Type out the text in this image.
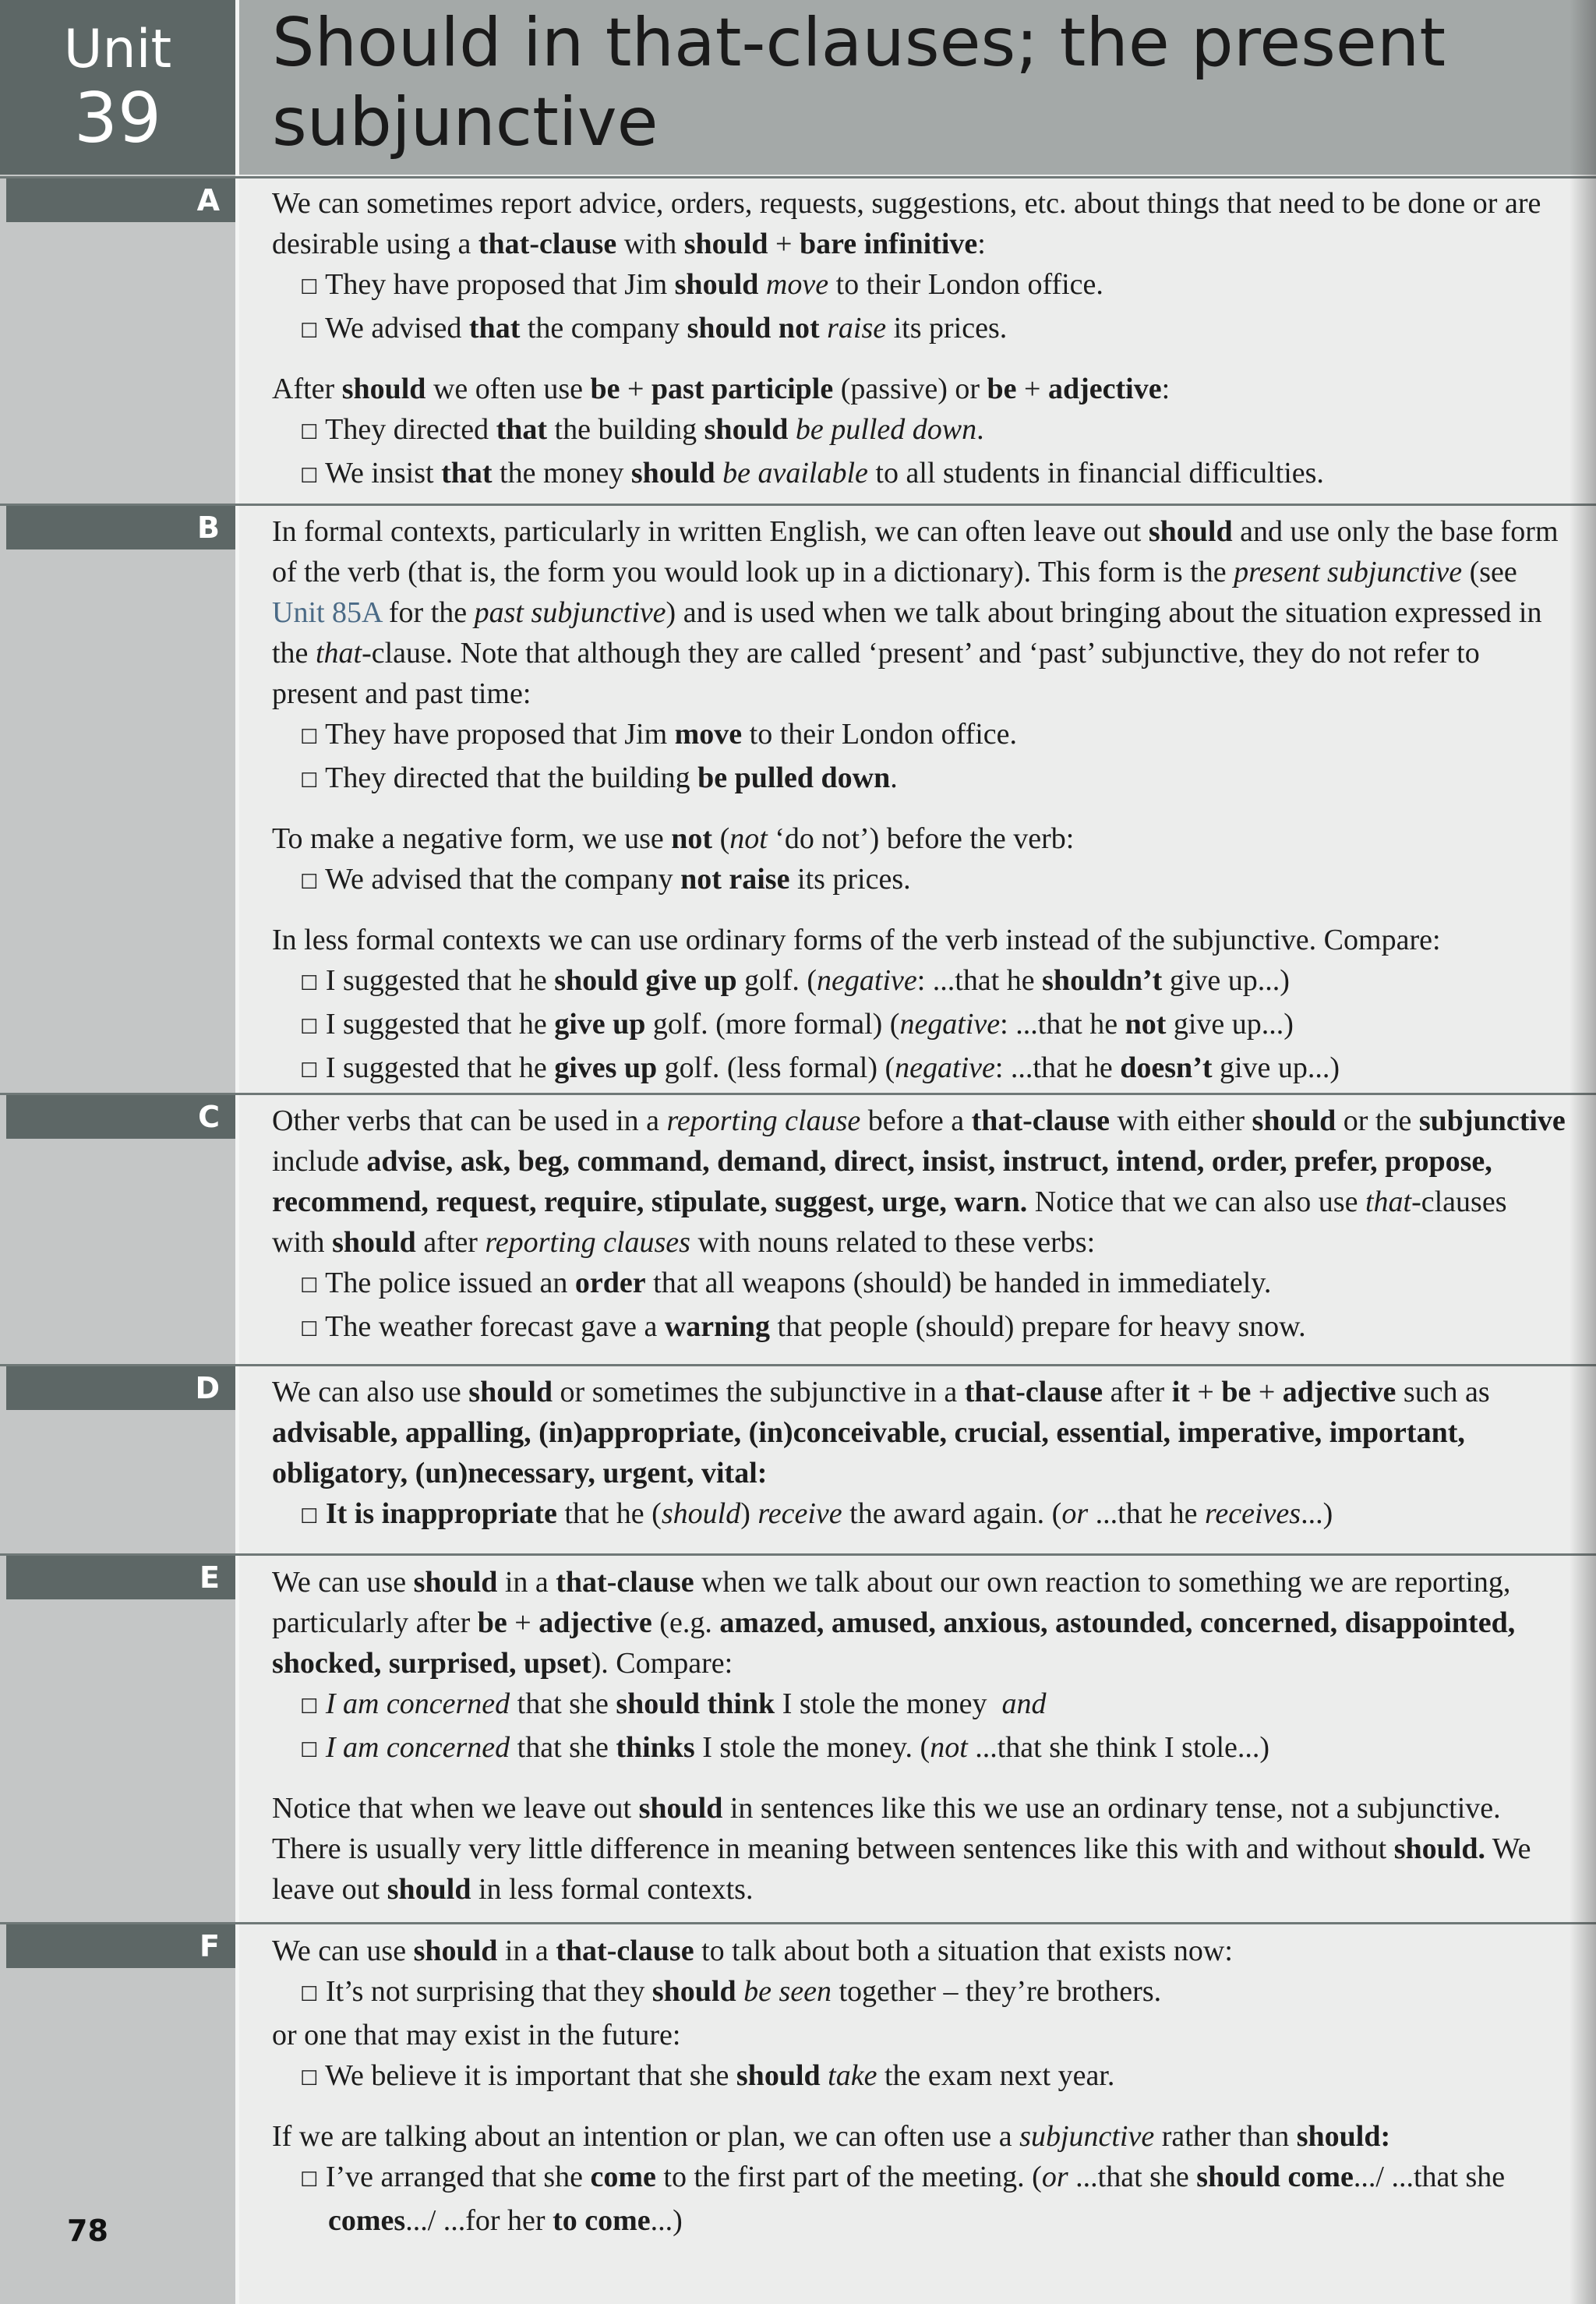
Unit
39
Should in that-clauses; the present subjunctive
A	We can sometimes report advice, orders, requests, suggestions, etc. about things that need to be done or are desirable using a that-clause with should + bare infinitive:

☐ They have proposed that Jim should move to their London office.

☐ We advised that the company should not raise its prices.

After should we often use be + past participle (passive) or be + adjective:

☐ They directed that the building should be pulled down.

☐ We insist that the money should be available to all students in financial difficulties.

B	In formal contexts, particularly in written English, we can often leave out should and use only the base form of the verb (that is, the form you would look up in a dictionary). This form is the present subjunctive (see Unit 85A for the past subjunctive) and is used when we talk about bringing about the situation expressed in the that-clause. Note that although they are called ‘present’ and ‘past’ subjunctive, they do not refer to present and past time:

☐ They have proposed that Jim move to their London office.

☐ They directed that the building be pulled down.

To make a negative form, we use not (not ‘do not’) before the verb:

☐ We advised that the company not raise its prices.

In less formal contexts we can use ordinary forms of the verb instead of the subjunctive. Compare:

☐ I suggested that he should give up golf. (negative: ...that he shouldn’t give up...)

☐ I suggested that he give up golf. (more formal) (negative: ...that he not give up...)

☐ I suggested that he gives up golf. (less formal) (negative: ...that he doesn’t give up...)

C	Other verbs that can be used in a reporting clause before a that-clause with either should or the subjunctive include advise, ask, beg, command, demand, direct, insist, instruct, intend, order, prefer, propose, recommend, request, require, stipulate, suggest, urge, warn. Notice that we can also use that-clauses with should after reporting clauses with nouns related to these verbs:

☐ The police issued an order that all weapons (should) be handed in immediately.

☐ The weather forecast gave a warning that people (should) prepare for heavy snow.

D	We can also use should or sometimes the subjunctive in a that-clause after it + be + adjective such as advisable, appalling, (in)appropriate, (in)conceivable, crucial, essential, imperative, important, obligatory, (un)necessary, urgent, vital:

☐ It is inappropriate that he (should) receive the award again. (or ...that he receives...)

E	We can use should in a that-clause when we talk about our own reaction to something we are reporting, particularly after be + adjective (e.g. amazed, amused, anxious, astounded, concerned, disappointed, shocked, surprised, upset). Compare:

☐ I am concerned that she should think I stole the money  and

☐ I am concerned that she thinks I stole the money. (not ...that she think I stole...)

Notice that when we leave out should in sentences like this we use an ordinary tense, not a subjunctive. There is usually very little difference in meaning between sentences like this with and without should. We leave out should in less formal contexts.

F	We can use should in a that-clause to talk about both a situation that exists now:

☐ It’s not surprising that they should be seen together – they’re brothers.

or one that may exist in the future:

☐ We believe it is important that she should take the exam next year.

If we are talking about an intention or plan, we can often use a subjunctive rather than should:

☐ I’ve arranged that she come to the first part of the meeting. (or ...that she should come.../ ...that she comes.../ ...for her to come...)

78
